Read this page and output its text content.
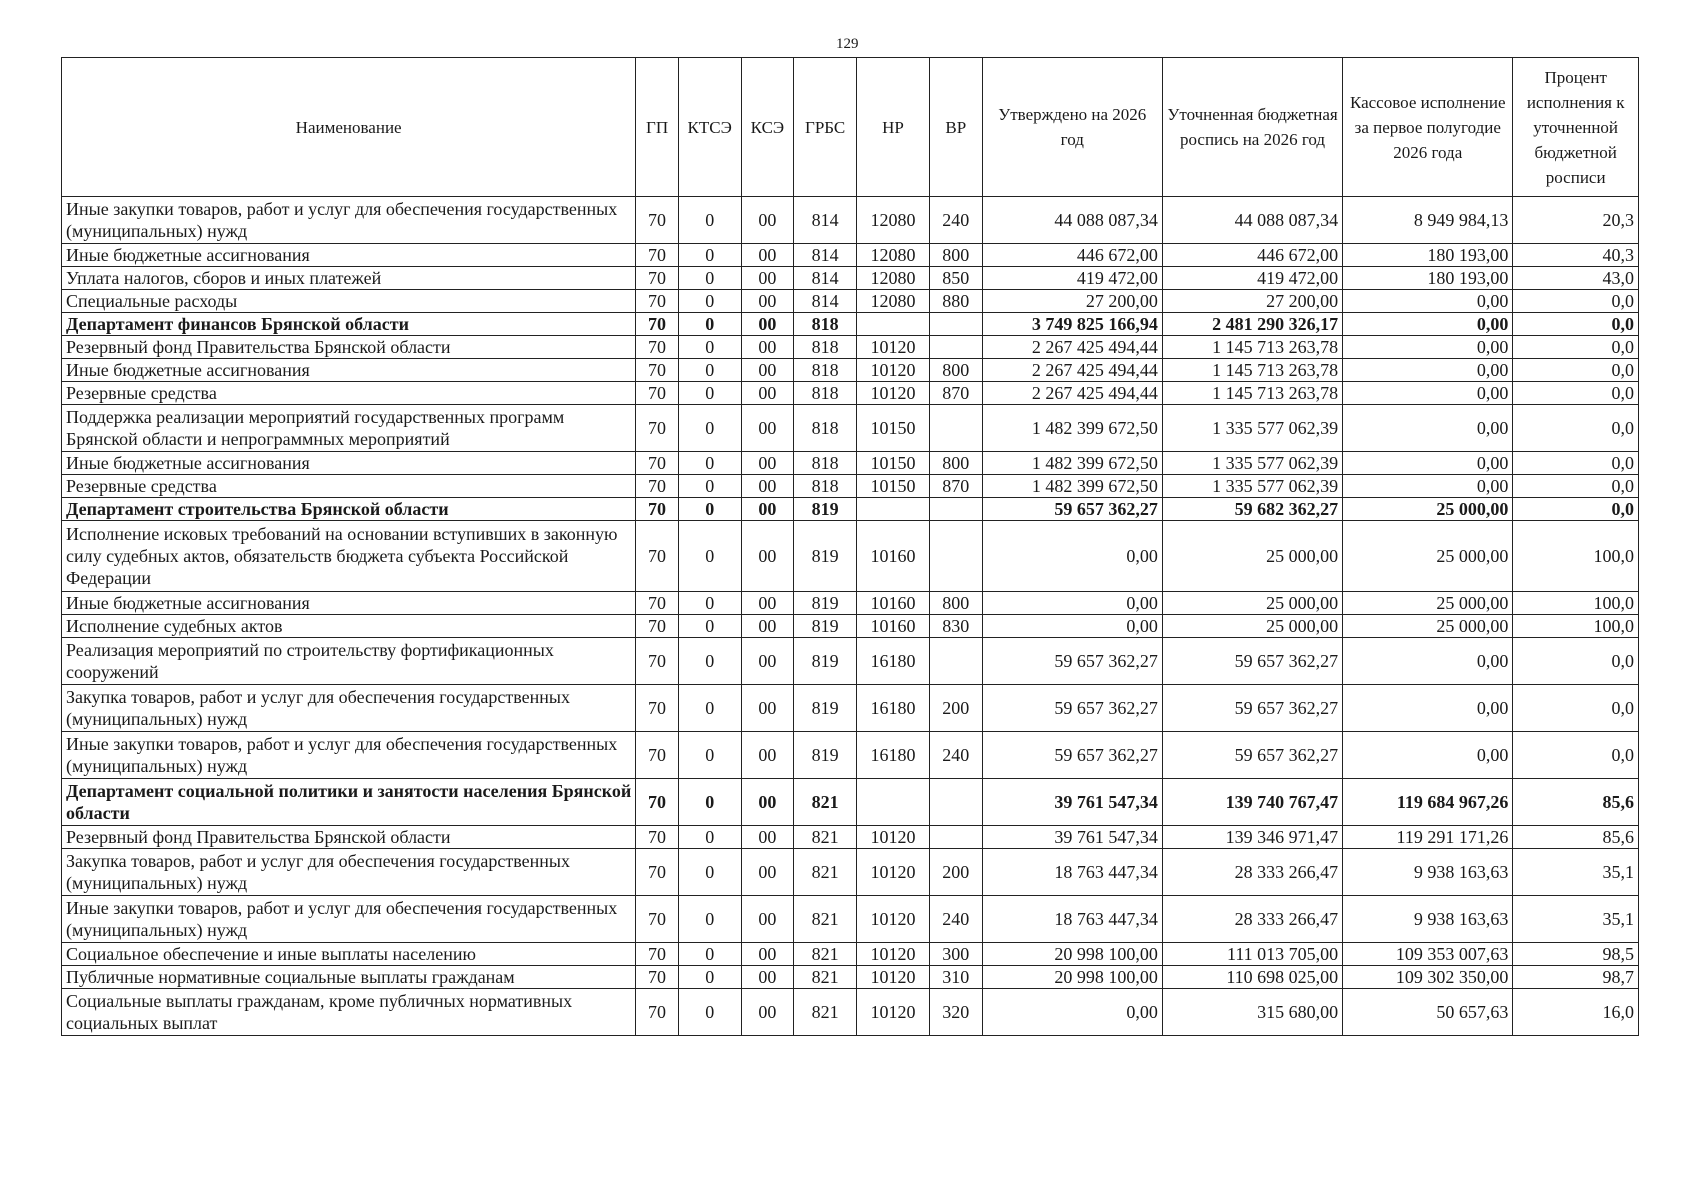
129
Наименование	ГП	КТСЭ	КСЭ	ГРБС	НР	ВР	Утверждено на 2026 год	Уточненная бюджетная роспись на 2026 год	Кассовое исполнение за первое полугодие 2026 года	Процент исполнения к уточненной бюджетной росписи
Иные закупки товаров, работ и услуг для обеспечения государственных (муниципальных) нужд	70	0	00	814	12080	240	44 088 087,34	44 088 087,34	8 949 984,13	20,3
Иные бюджетные ассигнования	70	0	00	814	12080	800	446 672,00	446 672,00	180 193,00	40,3
Уплата налогов, сборов и иных платежей	70	0	00	814	12080	850	419 472,00	419 472,00	180 193,00	43,0
Специальные расходы	70	0	00	814	12080	880	27 200,00	27 200,00	0,00	0,0
Департамент финансов Брянской области	70	0	00	818			3 749 825 166,94	2 481 290 326,17	0,00	0,0
Резервный фонд Правительства Брянской области	70	0	00	818	10120		2 267 425 494,44	1 145 713 263,78	0,00	0,0
Иные бюджетные ассигнования	70	0	00	818	10120	800	2 267 425 494,44	1 145 713 263,78	0,00	0,0
Резервные средства	70	0	00	818	10120	870	2 267 425 494,44	1 145 713 263,78	0,00	0,0
Поддержка реализации мероприятий государственных программ Брянской области и непрограммных мероприятий	70	0	00	818	10150		1 482 399 672,50	1 335 577 062,39	0,00	0,0
Иные бюджетные ассигнования	70	0	00	818	10150	800	1 482 399 672,50	1 335 577 062,39	0,00	0,0
Резервные средства	70	0	00	818	10150	870	1 482 399 672,50	1 335 577 062,39	0,00	0,0
Департамент строительства Брянской области	70	0	00	819			59 657 362,27	59 682 362,27	25 000,00	0,0
Исполнение исковых требований на основании вступивших в законную силу судебных актов, обязательств бюджета субъекта Российской Федерации	70	0	00	819	10160		0,00	25 000,00	25 000,00	100,0
Иные бюджетные ассигнования	70	0	00	819	10160	800	0,00	25 000,00	25 000,00	100,0
Исполнение судебных актов	70	0	00	819	10160	830	0,00	25 000,00	25 000,00	100,0
Реализация мероприятий по строительству фортификационных сооружений	70	0	00	819	16180		59 657 362,27	59 657 362,27	0,00	0,0
Закупка товаров, работ и услуг для обеспечения государственных (муниципальных) нужд	70	0	00	819	16180	200	59 657 362,27	59 657 362,27	0,00	0,0
Иные закупки товаров, работ и услуг для обеспечения государственных (муниципальных) нужд	70	0	00	819	16180	240	59 657 362,27	59 657 362,27	0,00	0,0
Департамент социальной политики и занятости населения Брянской области	70	0	00	821			39 761 547,34	139 740 767,47	119 684 967,26	85,6
Резервный фонд Правительства Брянской области	70	0	00	821	10120		39 761 547,34	139 346 971,47	119 291 171,26	85,6
Закупка товаров, работ и услуг для обеспечения государственных (муниципальных) нужд	70	0	00	821	10120	200	18 763 447,34	28 333 266,47	9 938 163,63	35,1
Иные закупки товаров, работ и услуг для обеспечения государственных (муниципальных) нужд	70	0	00	821	10120	240	18 763 447,34	28 333 266,47	9 938 163,63	35,1
Социальное обеспечение и иные выплаты населению	70	0	00	821	10120	300	20 998 100,00	111 013 705,00	109 353 007,63	98,5
Публичные нормативные социальные выплаты гражданам	70	0	00	821	10120	310	20 998 100,00	110 698 025,00	109 302 350,00	98,7
Социальные выплаты гражданам, кроме публичных нормативных социальных выплат	70	0	00	821	10120	320	0,00	315 680,00	50 657,63	16,0
